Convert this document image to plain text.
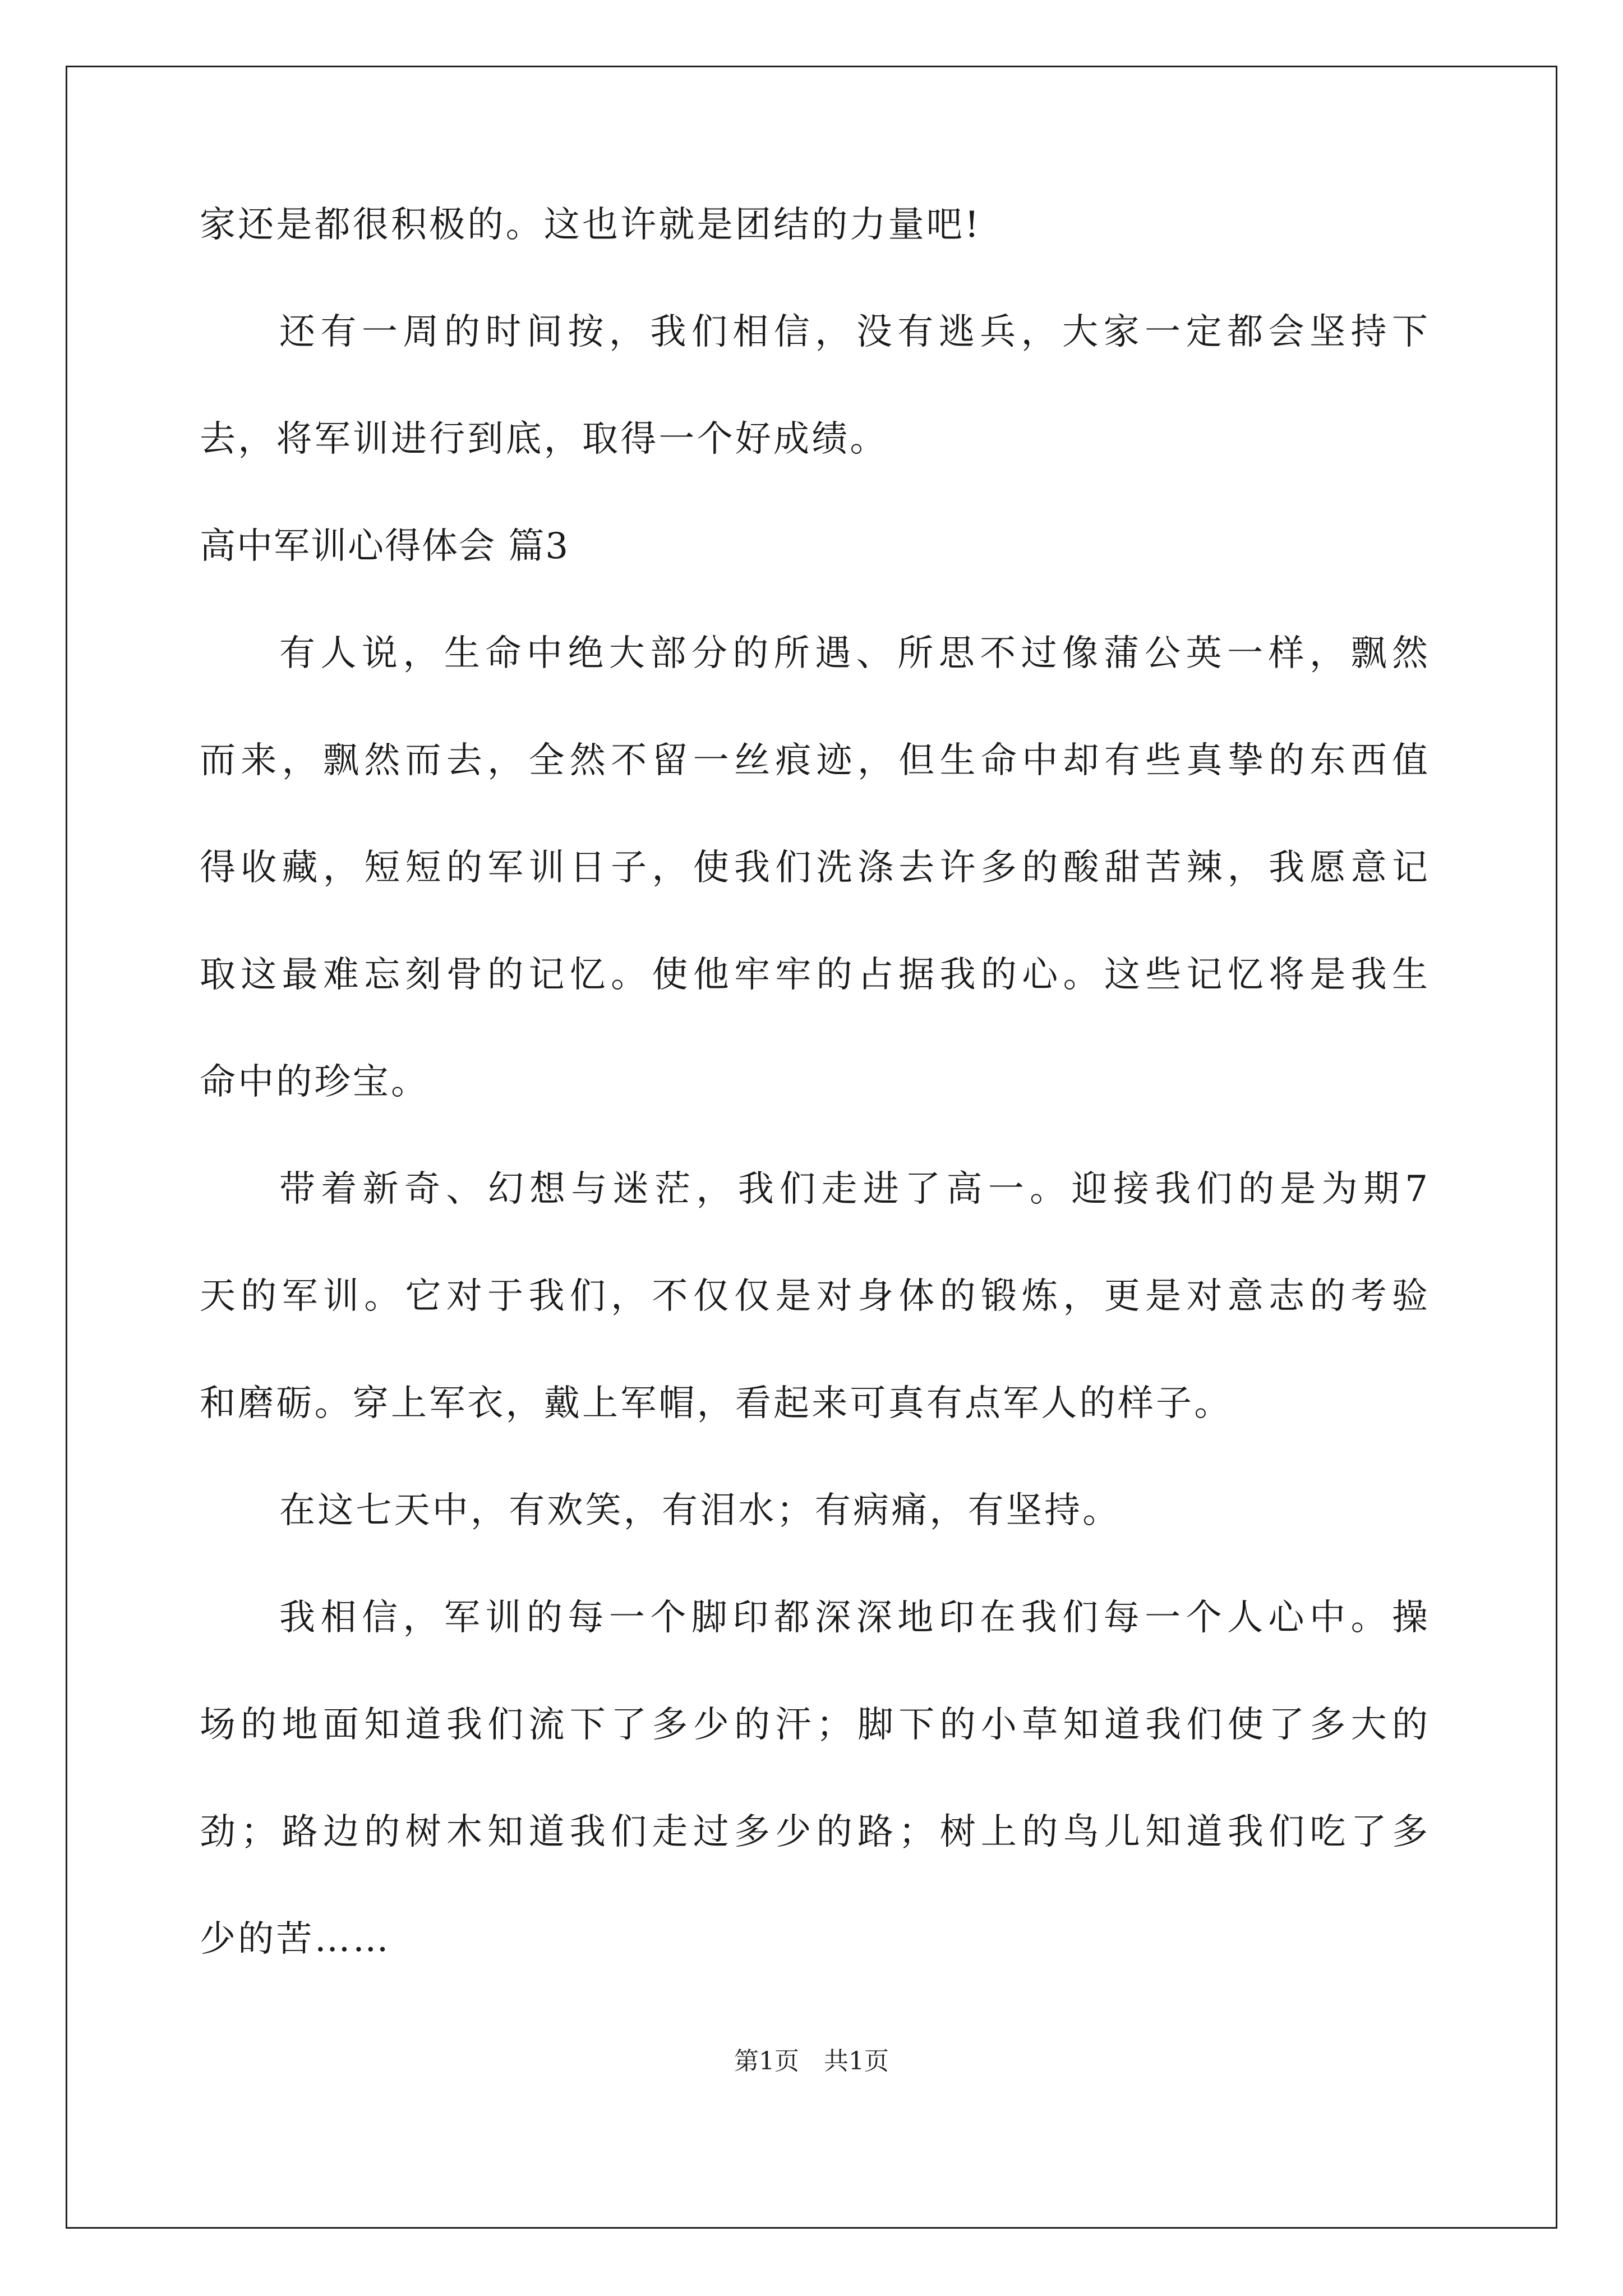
家还是都很积极的。这也许就是团结的力量吧!
还有一周的时间按，我们相信，没有逃兵，大家一定都会坚持下
去，将军训进行到底，取得一个好成绩。
高中军训心得体会 篇3
有人说，生命中绝大部分的所遇、所思不过像蒲公英一样，飘然
而来，飘然而去，全然不留一丝痕迹，但生命中却有些真挚的东西值
得收藏，短短的军训日子，使我们洗涤去许多的酸甜苦辣，我愿意记
取这最难忘刻骨的记忆。使他牢牢的占据我的心。这些记忆将是我生
命中的珍宝。
带着新奇、幻想与迷茫，我们走进了高一。迎接我们的是为期7
天的军训。它对于我们，不仅仅是对身体的锻炼，更是对意志的考验
和磨砺。穿上军衣，戴上军帽，看起来可真有点军人的样子。
在这七天中，有欢笑，有泪水；有病痛，有坚持。
我相信，军训的每一个脚印都深深地印在我们每一个人心中。操
场的地面知道我们流下了多少的汗；脚下的小草知道我们使了多大的
劲；路边的树木知道我们走过多少的路；树上的鸟儿知道我们吃了多
少的苦……
第1页　共1页
